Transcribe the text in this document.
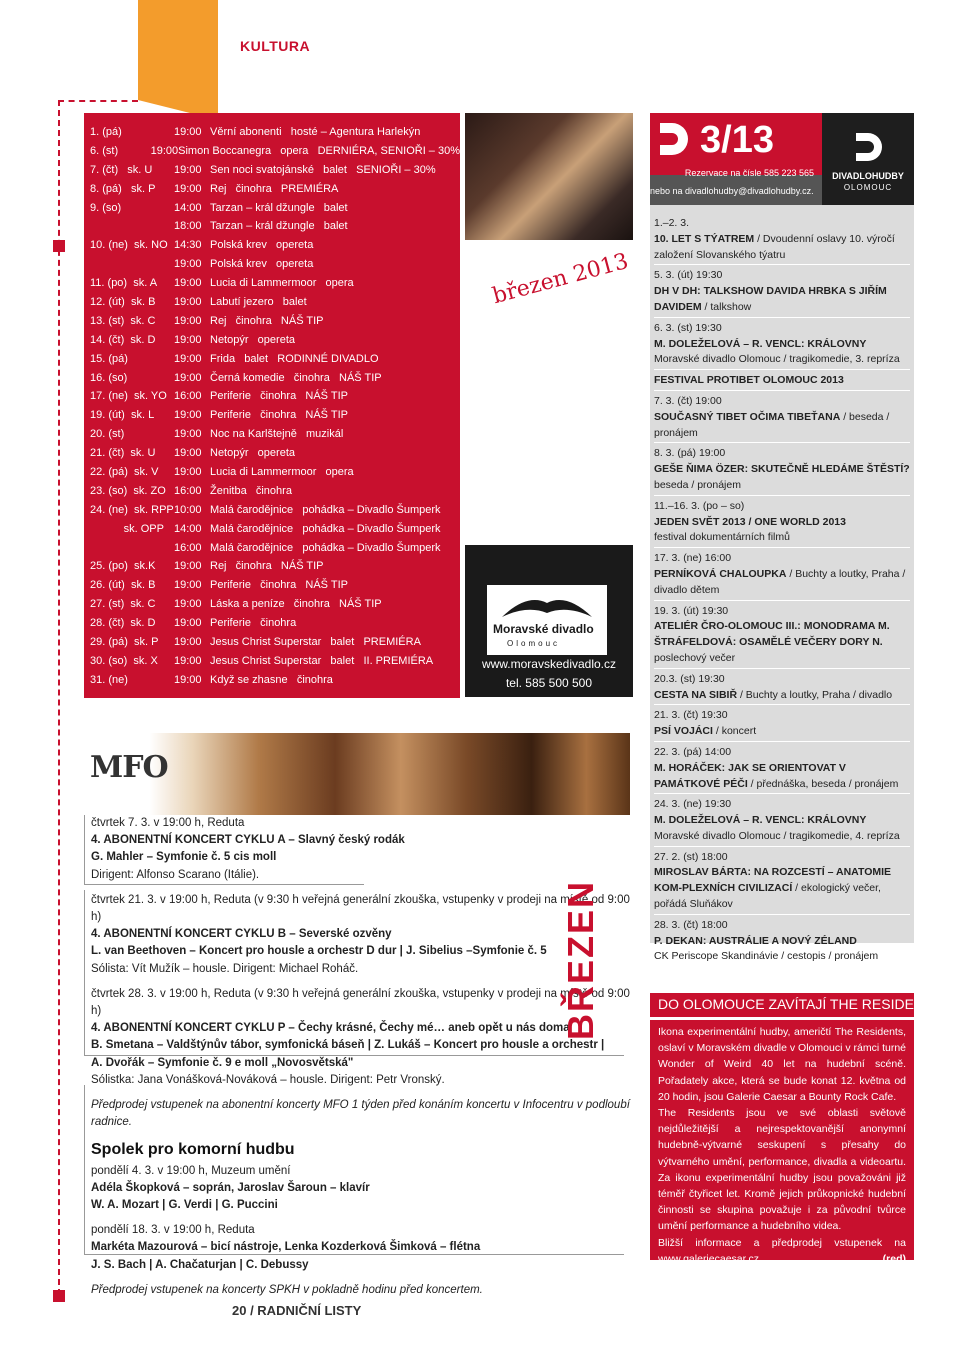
KULTURA
1. (pá)	19:00 Věrní abonenti   hosté – Agentura Harlekýn
6. (st)	19:00 Simon Boccanegra   opera   DERNIÉRA, SENIOŘI – 30%
7. (čt)   sk. U	19:00 Sen noci svatojánské   balet   SENIOŘI – 30%
8. (pá)   sk. P	19:00 Rej   činohra   PREMIÉRA
9. (so)	14:00 Tarzan – král džungle   balet
18:00 Tarzan – král džungle   balet
10. (ne)  sk. NO 14:30 Polská krev   opereta
19:00 Polská krev   opereta
11. (po)  sk. A	19:00 Lucia di Lammermoor   opera
12. (út)  sk. B	19:00 Labutí jezero   balet
13. (st)  sk. C	19:00 Rej   činohra   NÁŠ TIP
14. (čt)  sk. D	19:00 Netopýr   opereta
15. (pá)	19:00 Frida   balet   RODINNÉ DIVADLO
16. (so)	19:00 Černá komedie   činohra   NÁŠ TIP
17. (ne)  sk. YO 16:00 Periferie   činohra   NÁŠ TIP
19. (út)  sk. L	19:00 Periferie   činohra   NÁŠ TIP
20. (st)	19:00 Noc na Karlštejně   muzikál
21. (čt)  sk. U	19:00 Netopýr   opereta
22. (pá)  sk. V	19:00 Lucia di Lammermoor   opera
23. (so)  sk. ZO 16:00 Ženitba   činohra
24. (ne)  sk. RPP 10:00 Malá čarodějnice   pohádka – Divadlo Šumperk
sk. OPP 14:00 Malá čarodějnice   pohádka – Divadlo Šumperk
16:00 Malá čarodějnice   pohádka – Divadlo Šumperk
25. (po)  sk.K	19:00 Rej   činohra   NÁŠ TIP
26. (út)  sk. B	19:00 Periferie   činohra   NÁŠ TIP
27. (st)  sk. C	19:00 Láska a peníze   činohra   NÁŠ TIP
28. (čt)  sk. D	19:00 Periferie   činohra
29. (pá)  sk. P	19:00 Jesus Christ Superstar   balet   PREMIÉRA
30. (so)  sk. X	19:00 Jesus Christ Superstar   balet   II. PREMIÉRA
31. (ne)	19:00 Když se zhasne   činohra
březen 2013
Moravské divadlo
Olomouc
www.moravskedivadlo.cz
tel. 585 500 500
MFO
čtvrtek 7. 3. v 19:00 h, Reduta
4. ABONENTNÍ KONCERT CYKLU A – Slavný český rodák
G. Mahler – Symfonie č. 5 cis moll
Dirigent: Alfonso Scarano (Itálie).
čtvrtek 21. 3. v 19:00 h, Reduta (v 9:30 h veřejná generální zkouška, vstupenky v prodeji na místě od 9:00 h)
4. ABONENTNÍ KONCERT CYKLU B – Severské ozvěny
L. van Beethoven – Koncert pro housle a orchestr D dur | J. Sibelius –Symfonie č. 5
Sólista: Vít Mužík – housle. Dirigent: Michael Roháč.
čtvrtek 28. 3. v 19:00 h, Reduta (v 9:30 h veřejná generální zkouška, vstupenky v prodeji na místě od 9:00 h)
4. ABONENTNÍ KONCERT CYKLU P – Čechy krásné, Čechy mé… aneb opět u nás doma
B. Smetana – Valdštýnův tábor, symfonická báseň | Z. Lukáš – Koncert pro housle a orchestr |
A. Dvořák – Symfonie č. 9 e moll „Novosvětská"
Sólistka: Jana Vonášková-Nováková – housle. Dirigent: Petr Vronský.
Předprodej vstupenek na abonentní koncerty MFO 1 týden před konáním koncertu v Infocentru v podloubí radnice.
Spolek pro komorní hudbu
pondělí 4. 3. v 19:00 h, Muzeum umění
Adéla Škopková – soprán, Jaroslav Šaroun – klavír
W. A. Mozart | G. Verdi | G. Puccini
pondělí 18. 3. v 19:00 h, Reduta
Markéta Mazourová – bicí nástroje, Lenka Kozderková Šimková – flétna
J. S. Bach | A. Chačaturjan | C. Debussy
Předprodej vstupenek na koncerty SPKH v pokladně hodinu před koncertem.
BŘEZEN
20 / RADNIČNÍ LISTY
3/13
Rezervace na čísle 585 223 565
nebo na divadlohudby@divadlohudby.cz.
DIVADLOHUDBY
OLOMOUC
1.–2. 3.
10. LET S TÝATREM / Dvoudenní oslavy 10. výročí založení Slovanského týatru
5. 3. (út) 19:30
DH V DH: TALKSHOW DAVIDA HRBKA S JIŘÍM DAVIDEM / talkshow
6. 3. (st) 19:30
M. DOLEŽELOVÁ – R. VENCL: KRÁLOVNY
Moravské divadlo Olomouc / tragikomedie, 3. repríza
FESTIVAL PROTIBET OLOMOUC 2013
7. 3. (čt) 19:00
SOUČASNÝ TIBET OČIMA TIBEŤANA / beseda / pronájem
8. 3. (pá) 19:00
GEŠE ŇIMA ÖZER: SKUTEČNĚ HLEDÁME ŠTĚSTÍ?
beseda / pronájem
11.–16. 3. (po – so)
JEDEN SVĚT 2013 / ONE WORLD 2013
festival dokumentárních filmů
17. 3. (ne) 16:00
PERNÍKOVÁ CHALOUPKA / Buchty a loutky, Praha / divadlo dětem
19. 3. (út) 19:30
ATELIÉR ČRO-OLOMOUC III.: MONODRAMA M. ŠTRÁFELDOVÁ: OSAMĚLÉ VEČERY DORY N.
poslechový večer
20.3. (st) 19:30
CESTA NA SIBIŘ / Buchty a loutky, Praha / divadlo
21. 3. (čt) 19:30
PSÍ VOJÁCI / koncert
22. 3. (pá) 14:00
M. HORÁČEK: JAK SE ORIENTOVAT V PAMÁTKOVÉ PÉČI / přednáška, beseda / pronájem
24. 3. (ne) 19:30
M. DOLEŽELOVÁ – R. VENCL: KRÁLOVNY
Moravské divadlo Olomouc / tragikomedie, 4. repríza
27. 2. (st) 18:00
MIROSLAV BÁRTA: NA ROZCESTÍ – ANATOMIE KOM-PLEXNÍCH CIVILIZACÍ / ekologický večer, pořádá Sluňákov
28. 3. (čt) 18:00
P. DEKAN: AUSTRÁLIE A NOVÝ ZÉLAND
CK Periscope Skandinávie / cestopis / pronájem
DO OLOMOUCE ZAVÍTAJÍ THE RESIDENTS
Ikona experimentální hudby, američtí The Residents, oslaví v Moravském divadle v Olomouci v rámci turné Wonder of Weird 40 let na hudební scéně. Pořadately akce, která se bude konat 12. května od 20 hodin, jsou Galerie Caesar a Bounty Rock Cafe.
The Residents jsou ve své oblasti světově nejdůležitější a nejrespektovanější anonymní hudebně-výtvarné seskupení s přesahy do výtvarného umění, performance, divadla a videoartu. Za ikonu experimentální hudby jsou považováni již téměř čtyřicet let. Kromě jejich průkopnické hudební činnosti se skupina považuje i za původní tvůrce umění performance a hudebního videa.
Bližší informace a předprodej vstupenek na www.galeriecaesar.cz.	(red)
